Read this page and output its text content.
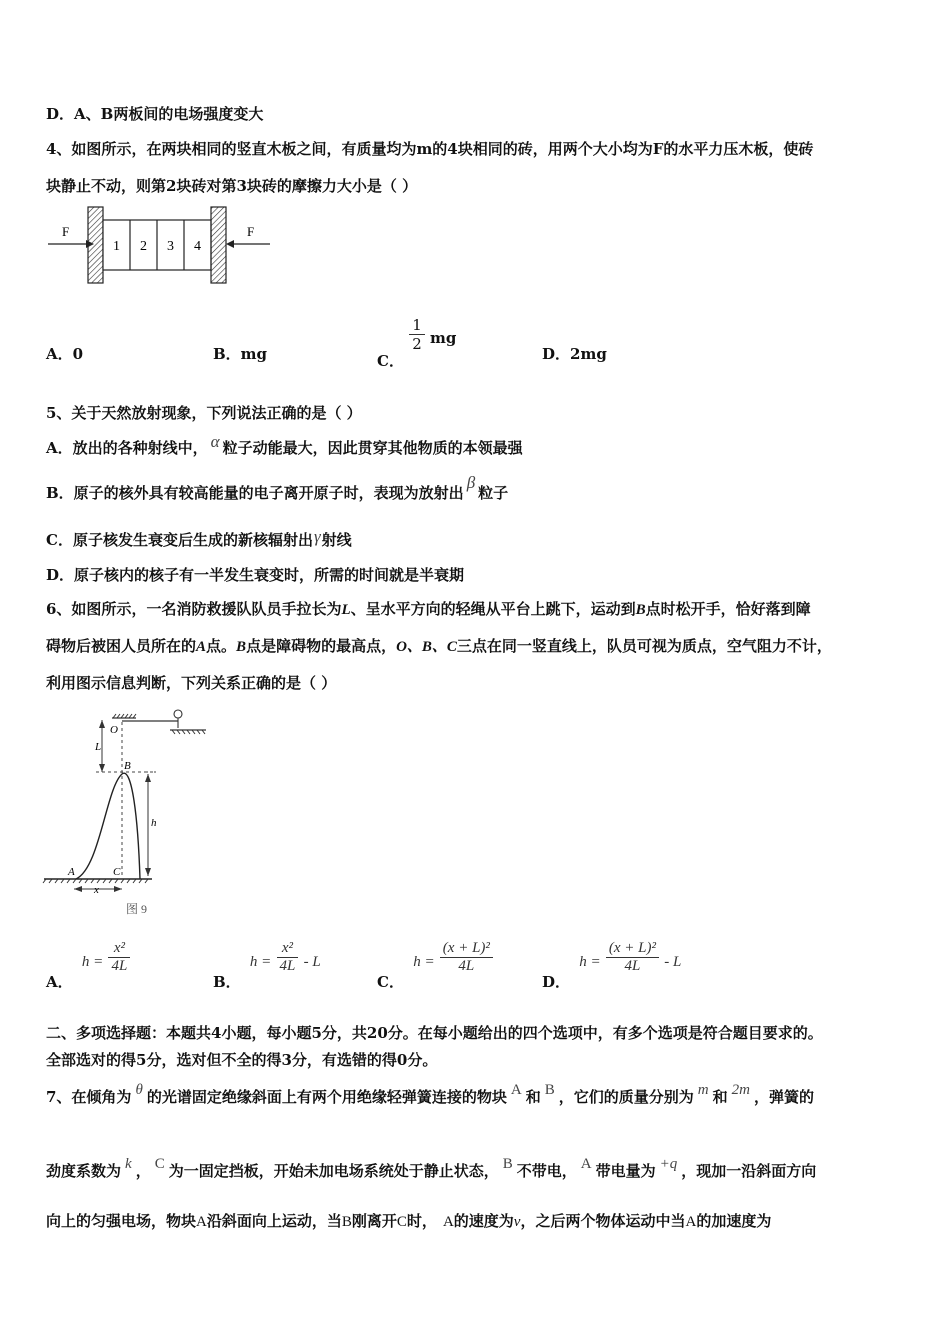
D．A、B两板间的电场强度变大
4、如图所示，在两块相同的竖直木板之间，有质量均为m的4块相同的砖，用两个大小均为F的水平力压木板，使砖
块静止不动，则第2块砖对第3块砖的摩擦力大小是（ ）
F
1 2 3 4
F
A．0	B．mg	C．
$\frac{1}{2}$ mg
D．2mg
5、关于天然放射现象，下列说法正确的是（ ）
A．放出的各种射线中， α 粒子动能最大，因此贯穿其他物质的本领最强
B．原子的核外具有较高能量的电子离开原子时，表现为放射出β粒子
C．原子核发生衰变后生成的新核辐射出γ射线
D．原子核内的核子有一半发生衰变时，所需的时间就是半衰期
6、如图所示，一名消防救援队队员手拉长为L、呈水平方向的轻绳从平台上跳下，运动到B点时松开手，恰好落到障
碍物后被困人员所在的A点。B点是障碍物的最高点，O、B、C三点在同一竖直线上，队员可视为质点，空气阻力不计，
利用图示信息判断，下列关系正确的是（ ）
O
L
B
h
A	C
x
图 9
A． $h = \frac{\text{x²}}{4L}$
B． $h = \frac{\text{x²}}{4L} - L$
C． $h = \frac{\text{(x + L)²}}{4L}$
D． $h = \frac{\text{(x + L)²}}{4L} - L$
二、多项选择题：本题共4小题，每小题5分，共20分。在每小题给出的四个选项中，有多个选项是符合题目要求的。
全部选对的得5分，选对但不全的得3分，有选错的得0分。
7、在倾角为 θ 的光谱固定绝缘斜面上有两个用绝缘轻弹簧连接的物块 A 和 B ，它们的质量分别为 m 和 2m ，弹簧的
劲度系数为 k ， C 为一固定挡板，开始未加电场系统处于静止状态， B 不带电， A 带电量为 +q ，现加一沿斜面方向
向上的匀强电场，物块A沿斜面向上运动，当B刚离开C时， A的速度为v，之后两个物体运动中当A的加速度为
